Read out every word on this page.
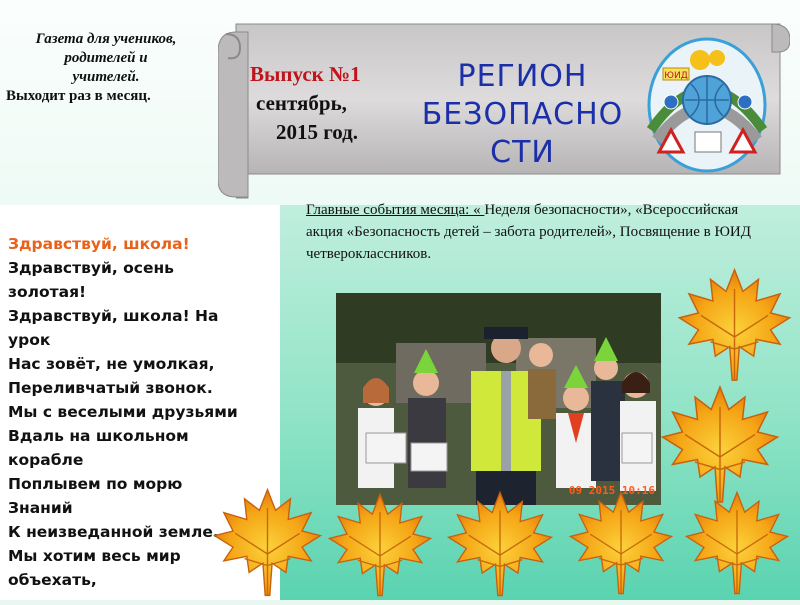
Газета для учеников,
родителей и
учителей.
Выходит раз в месяц.
Выпуск №1
сентябрь,
2015 год.
РЕГИОН
БЕЗОПАСНО
СТИ
ЮИД
Здравствуй, школа!
Здравствуй, осень
золотая!
Здравствуй, школа! На
урок
Нас зовёт, не умолкая,
Переливчатый звонок.
Мы с веселыми друзьями
Вдаль на школьном
корабле
Поплывем по морю
Знаний
К неизведанной земле.
Мы хотим весь мир
объехать,
Главные события месяца: « Неделя безопасности», «Всероссийская акция «Безопасность детей – забота родителей», Посвящение в ЮИД четвероклассников.
09 2015 10:16
